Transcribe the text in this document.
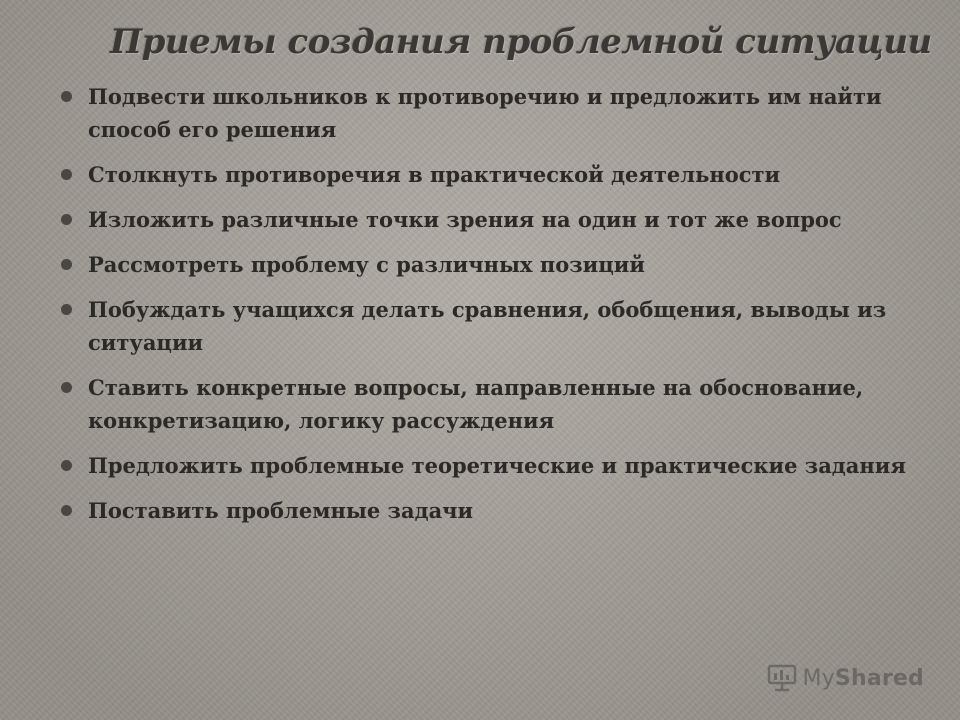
Приемы создания проблемной ситуации
Подвести школьников к противоречию и предложить им найти способ его решения
Столкнуть противоречия в практической деятельности
Изложить различные точки зрения на один и тот же вопрос
Рассмотреть проблему с различных позиций
Побуждать учащихся делать сравнения, обобщения, выводы из ситуации
Ставить конкретные вопросы, направленные на обоснование, конкретизацию, логику рассуждения
Предложить проблемные теоретические и практические задания
Поставить проблемные задачи
MyShared
